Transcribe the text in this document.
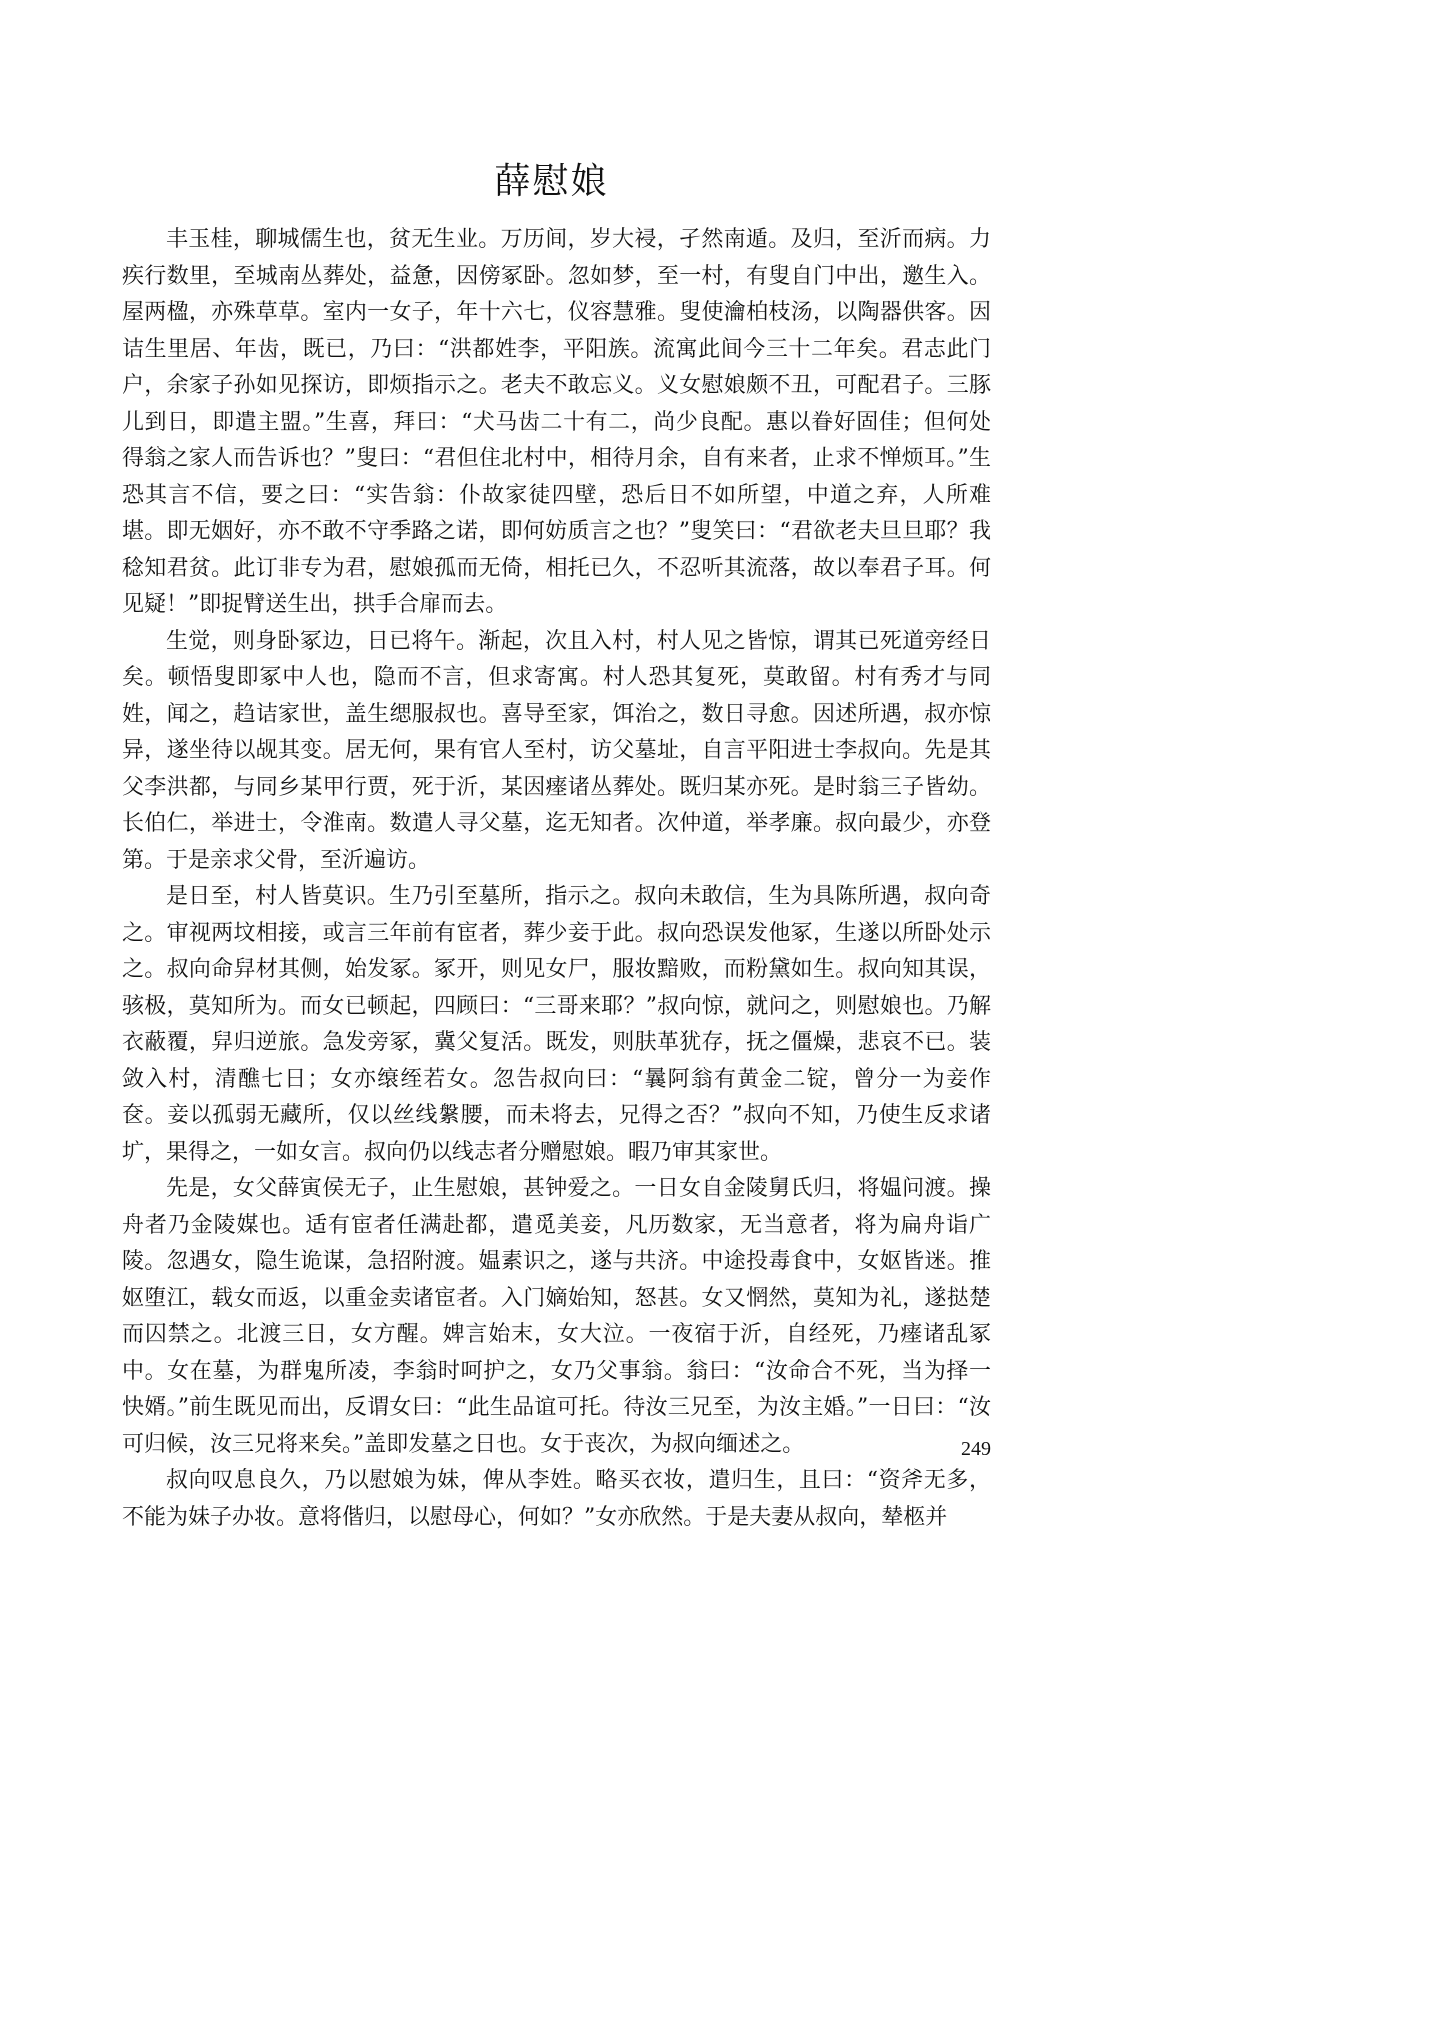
薛慰娘

丰玉桂，聊城儒生也，贫无生业。万历间，岁大祲，孑然南遁。及归，至沂而病。力疾行数里，至城南丛葬处，益惫，因傍冢卧。忽如梦，至一村，有叟自门中出，邀生入。屋两楹，亦殊草草。室内一女子，年十六七，仪容慧雅。叟使瀹柏枝汤，以陶器供客。因诘生里居、年齿，既已，乃曰：“洪都姓李，平阳族。流寓此间今三十二年矣。君志此门户，余家子孙如见探访，即烦指示之。老夫不敢忘义。义女慰娘颇不丑，可配君子。三豚儿到日，即遣主盟。”生喜，拜曰：“犬马齿二十有二，尚少良配。惠以眷好固佳；但何处得翁之家人而告诉也？”叟曰：“君但住北村中，相待月余，自有来者，止求不惮烦耳。”生恐其言不信，要之曰：“实告翁：仆故家徒四壁，恐后日不如所望，中道之弃，人所难堪。即无姻好，亦不敢不守季路之诺，即何妨质言之也？”叟笑曰：“君欲老夫旦旦耶？我稔知君贫。此订非专为君，慰娘孤而无倚，相托已久，不忍听其流落，故以奉君子耳。何见疑！”即捉臂送生出，拱手合扉而去。

生觉，则身卧冢边，日已将午。渐起，次且入村，村人见之皆惊，谓其已死道旁经日矣。顿悟叟即冢中人也，隐而不言，但求寄寓。村人恐其复死，莫敢留。村有秀才与同姓，闻之，趋诘家世，盖生缌服叔也。喜导至家，饵治之，数日寻愈。因述所遇，叔亦惊异，遂坐待以觇其变。居无何，果有官人至村，访父墓址，自言平阳进士李叔向。先是其父李洪都，与同乡某甲行贾，死于沂，某因瘗诸丛葬处。既归某亦死。是时翁三子皆幼。长伯仁，举进士，令淮南。数遣人寻父墓，迄无知者。次仲道，举孝廉。叔向最少，亦登第。于是亲求父骨，至沂遍访。

是日至，村人皆莫识。生乃引至墓所，指示之。叔向未敢信，生为具陈所遇，叔向奇之。审视两坟相接，或言三年前有宦者，葬少妾于此。叔向恐误发他冢，生遂以所卧处示之。叔向命舁材其侧，始发冢。冢开，则见女尸，服妆黯败，而粉黛如生。叔向知其误，骇极，莫知所为。而女已顿起，四顾曰：“三哥来耶？”叔向惊，就问之，则慰娘也。乃解衣蔽覆，舁归逆旅。急发旁冢，冀父复活。既发，则肤革犹存，抚之僵燥，悲哀不已。装敛入村，清醮七日；女亦缞绖若女。忽告叔向曰：“曩阿翁有黄金二锭，曾分一为妾作奁。妾以孤弱无藏所，仅以丝线縏腰，而未将去，兄得之否？”叔向不知，乃使生反求诸圹，果得之，一如女言。叔向仍以线志者分赠慰娘。暇乃审其家世。

先是，女父薛寅侯无子，止生慰娘，甚钟爱之。一日女自金陵舅氏归，将媪问渡。操舟者乃金陵媒也。适有宦者任满赴都，遣觅美妾，凡历数家，无当意者，将为扁舟诣广陵。忽遇女，隐生诡谋，急招附渡。媪素识之，遂与共济。中途投毒食中，女妪皆迷。推妪堕江，载女而返，以重金卖诸宦者。入门嫡始知，怒甚。女又惘然，莫知为礼，遂挞楚而囚禁之。北渡三日，女方醒。婢言始末，女大泣。一夜宿于沂，自经死，乃瘗诸乱冢中。女在墓，为群鬼所凌，李翁时呵护之，女乃父事翁。翁曰：“汝命合不死，当为择一快婿。”前生既见而出，反谓女曰：“此生品谊可托。待汝三兄至，为汝主婚。”一日曰：“汝可归候，汝三兄将来矣。”盖即发墓之日也。女于丧次，为叔向缅述之。

叔向叹息良久，乃以慰娘为妹，俾从李姓。略买衣妆，遣归生，且曰：“资斧无多，不能为妹子办妆。意将偕归，以慰母心，何如？”女亦欣然。于是夫妻从叔向，辇柩并

249
